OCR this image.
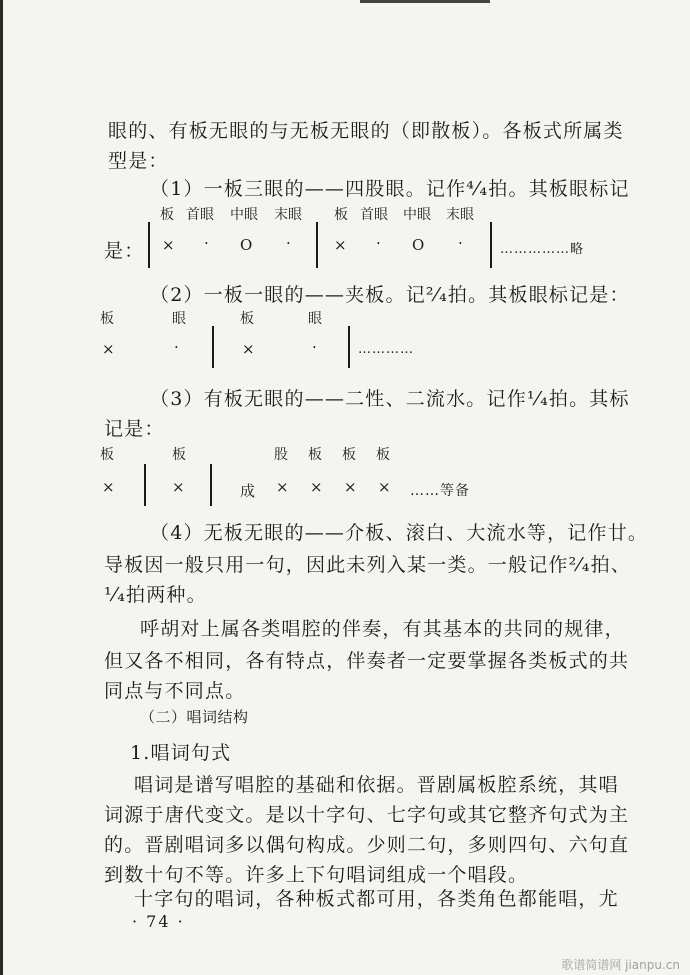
眼的、有板无眼的与无板无眼的（即散板）。各板式所属类
型是：
（1）一板三眼的——四股眼。记作⁴⁄₄拍。其板眼标记
板 首眼 中眼 末眼 板 首眼 中眼 末眼
是： × · O ·	× · O ·	……………略
（2）一板一眼的——夹板。记²⁄₄拍。其板眼标记是：
板	眼	板	眼
×	·	×	·	…………
（3）有板无眼的——二性、二流水。记作¹⁄₄拍。其标
记是：
板	板	股 板 板 板
×	×	成 × × × × ……等备
（4）无板无眼的——介板、滚白、大流水等，记作廿。
导板因一般只用一句，因此未列入某一类。一般记作²⁄₄拍、
¹⁄₄拍两种。
呼胡对上属各类唱腔的伴奏，有其基本的共同的规律，
但又各不相同，各有特点，伴奏者一定要掌握各类板式的共
同点与不同点。
（二）唱词结构
1.唱词句式
唱词是谱写唱腔的基础和依据。晋剧属板腔系统，其唱
词源于唐代变文。是以十字句、七字句或其它整齐句式为主
的。晋剧唱词多以偶句构成。少则二句，多则四句、六句直
到数十句不等。许多上下句唱词组成一个唱段。
十字句的唱词，各种板式都可用，各类角色都能唱，尤
· 74 ·
歌谱简谱网 jianpu.cn
